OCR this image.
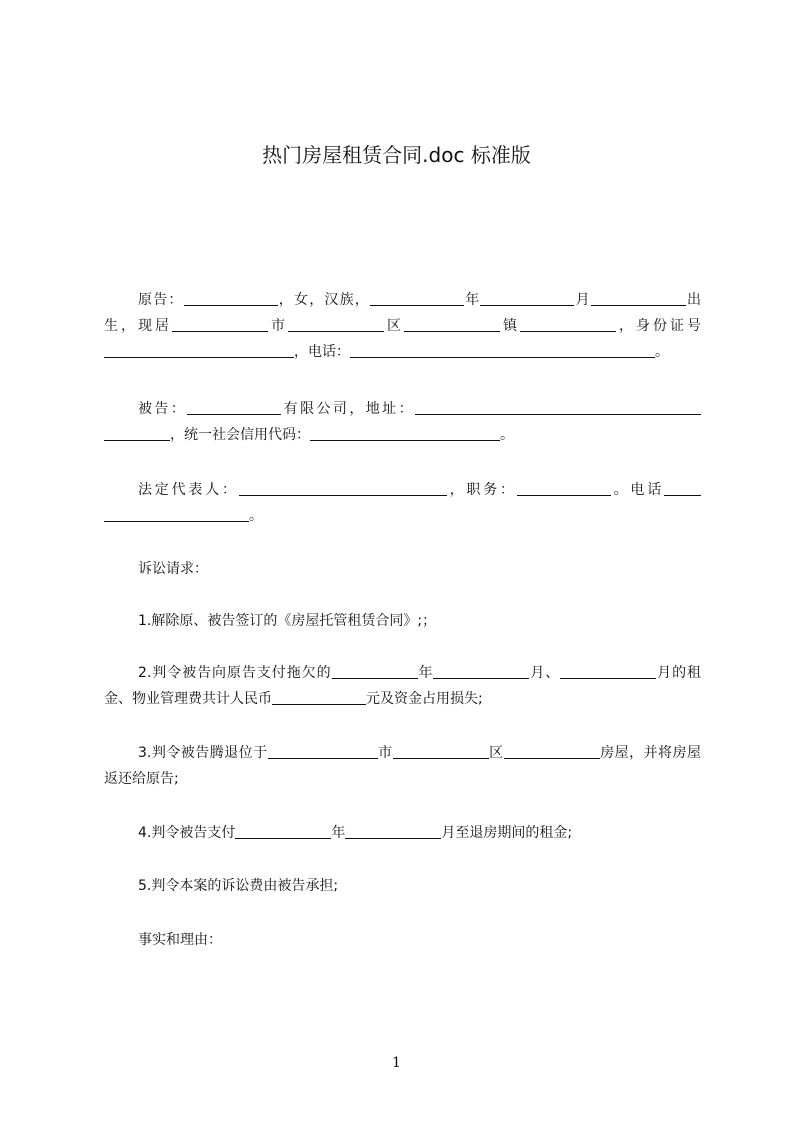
热门房屋租赁合同.doc 标准版

原告：	，女，汉族，	年	月	出生，现居	市	区	镇	，身份证号，电话：	。

被告：	有限公司，地址：，统一社会信用代码：	。

法定代表人：	，职务：	。电话。

诉讼请求：

1.解除原、被告签订的《房屋托管租赁合同》;；

2.判令被告向原告支付拖欠的	年	月、	月的租金、物业管理费共计人民币	元及资金占用损失;

3.判令被告腾退位于	市	区	房屋，并将房屋返还给原告;

4.判令被告支付	年	月至退房期间的租金;

5.判令本案的诉讼费由被告承担;

事实和理由：

1
